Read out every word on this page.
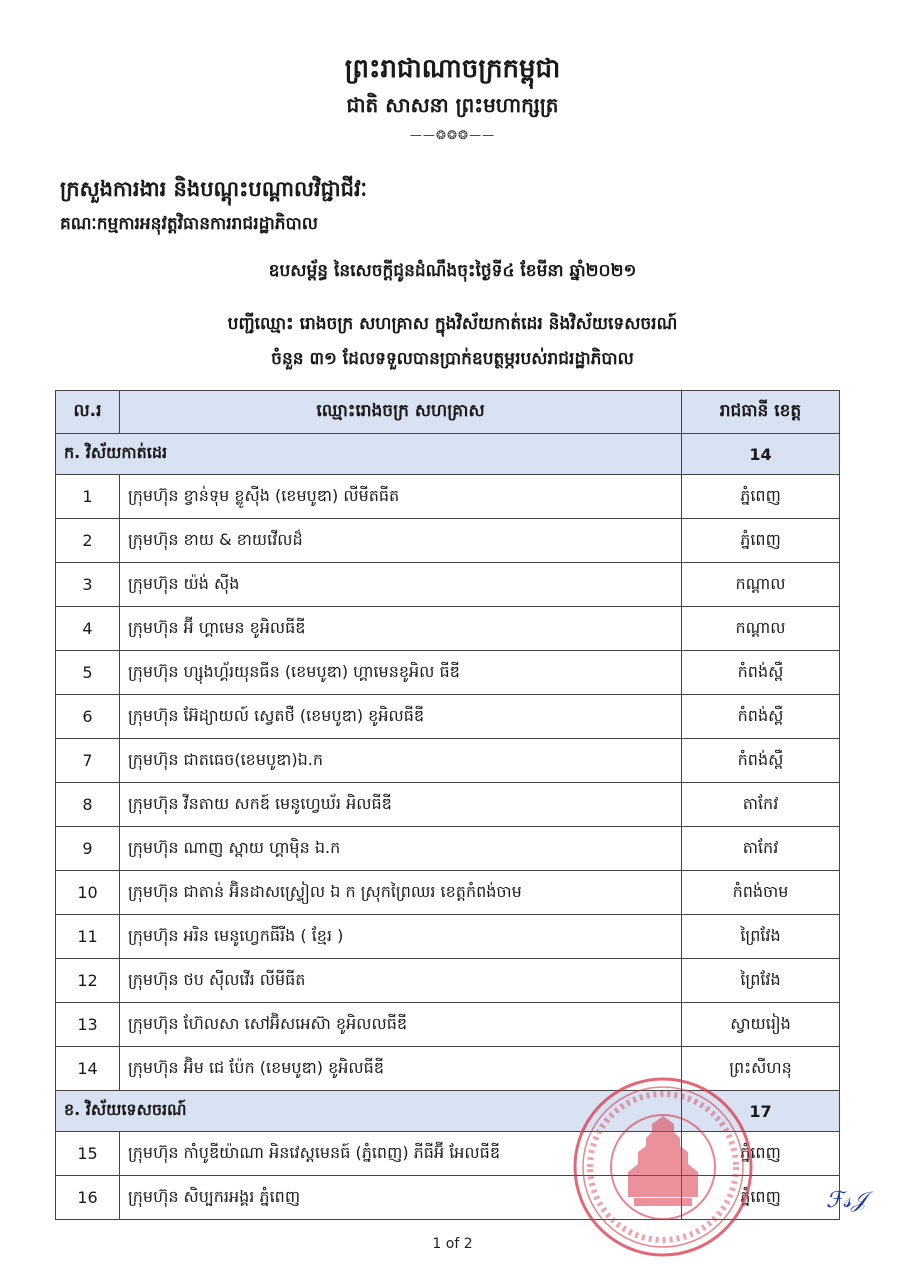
ព្រះរាជាណាចក្រកម្ពុជា
ជាតិ សាសនា ព្រះមហាក្សត្រ
——❂❂❂——
ក្រសួងការងារ និងបណ្តុះបណ្តាលវិជ្ជាជីវៈ
គណៈកម្មការអនុវត្តវិធានការរាជរដ្ឋាភិបាល
ឧបសម្ព័ន្ធ នៃសេចក្តីជូនដំណឹងចុះថ្ងៃទី៤ ខែមីនា ឆ្នាំ២០២១
បញ្ជីឈ្មោះ រោងចក្រ សហគ្រាស ក្នុងវិស័យកាត់ដេរ និងវិស័យទេសចរណ៍
ចំនួន ៣១ ដែលទទួលបានប្រាក់ឧបត្ថម្ភរបស់រាជរដ្ឋាភិបាល
ល.រ	ឈ្មោះរោងចក្រ សហគ្រាស	រាជធានី ខេត្ត
ក. វិស័យកាត់ដេរ		14
1	ក្រុមហ៊ុន ខ្វាន់ទុម ខ្លូស៊ីង (ខេមបូឌា) លីមីតធីត	ភ្នំពេញ
2	ក្រុមហ៊ុន ខាយ & ខាយវើលដ៏	ភ្នំពេញ
3	ក្រុមហ៊ុន យ៉ង់ ស៊ីង	កណ្តាល
4	ក្រុមហ៊ុន អ៊ី ហ្គាមេន ខូអិលធីឌី	កណ្តាល
5	ក្រុមហ៊ុន ហ្សុងហ្គ័រយុនធីន (ខេមបូឌា) ហ្គាមេនខូអិល ធីឌី	កំពង់ស្ពឺ
6	ក្រុមហ៊ុន អ៊ែដ្យាយល៍ ស្វេតថឺ (ខេមបូឌា) ខូអិលធីឌី	កំពង់ស្ពឺ
7	ក្រុមហ៊ុន ជាតធេច(ខេមបូឌា)ឯ.ក	កំពង់ស្ពឺ
8	ក្រុមហ៊ុន វីនតាយ សកឌ៍ មេនូហ្វេឃ័រ អិលធីឌី	តាកែវ
9	ក្រុមហ៊ុន ណាញ ស្ពាយ ហ្គាម៉ិន ឯ.ក	តាកែវ
10	ក្រុមហ៊ុន ជាតាន់ អ៊ិនដាសស្ទ្រៀល ឯ ក ស្រុកព្រៃឈរ ខេត្តកំពង់ចាម	កំពង់ចាម
11	ក្រុមហ៊ុន អរិន មេនូហ្វេកធីរីង ( ខ្មែរ )	ព្រៃវែង
12	ក្រុមហ៊ុន ថប ស៊ីលវើរ លីមីធីត	ព្រៃវែង
13	ក្រុមហ៊ុន ហ៊ែលសា សៅអ៊ិសអេស៊ា ខូអិលលធីឌី	ស្វាយរៀង
14	ក្រុមហ៊ុន អ៊ិម ជេ ប៉ែក (ខេមបូឌា) ខូអិលធីឌី	ព្រះសីហនុ
ខ. វិស័យទេសចរណ៍		17
15	ក្រុមហ៊ុន កាំបូឌីយ៉ាណា អិនវេស្តមេនធ៍ (ភ្នំពេញ) ភីធីអ៊ី អែលធីឌី	ភ្នំពេញ
16	ក្រុមហ៊ុន សិប្បករអង្គរ ភ្នំពេញ	ភ្នំពេញ ℱ𝓈𝒥
1 of 2
